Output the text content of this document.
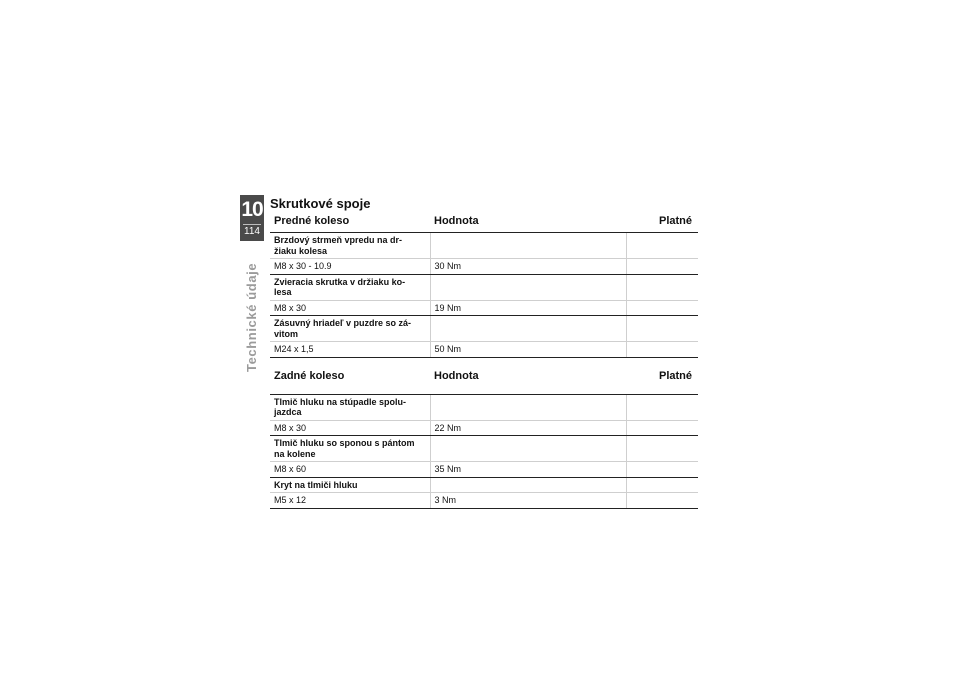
10
114
Technické údaje
Skrutkové spoje
Predné koleso	Hodnota	Platné
Brzdový strmeň vpredu na dr-
žiaku kolesa		
M8 x 30 - 10.9	30 Nm	
Zvieracia skrutka v držiaku ko-
lesa		
M8 x 30	19 Nm	
Zásuvný hriadeľ v puzdre so zá-
vitom		
M24 x 1,5	50 Nm	
Zadné koleso	Hodnota	Platné
Tlmič hluku na stúpadle spolu-
jazdca		
M8 x 30	22 Nm	
Tlmič hluku so sponou s pántom
na kolene		
M8 x 60	35 Nm	
Kryt na tlmiči hluku		
M5 x 12	3 Nm	
